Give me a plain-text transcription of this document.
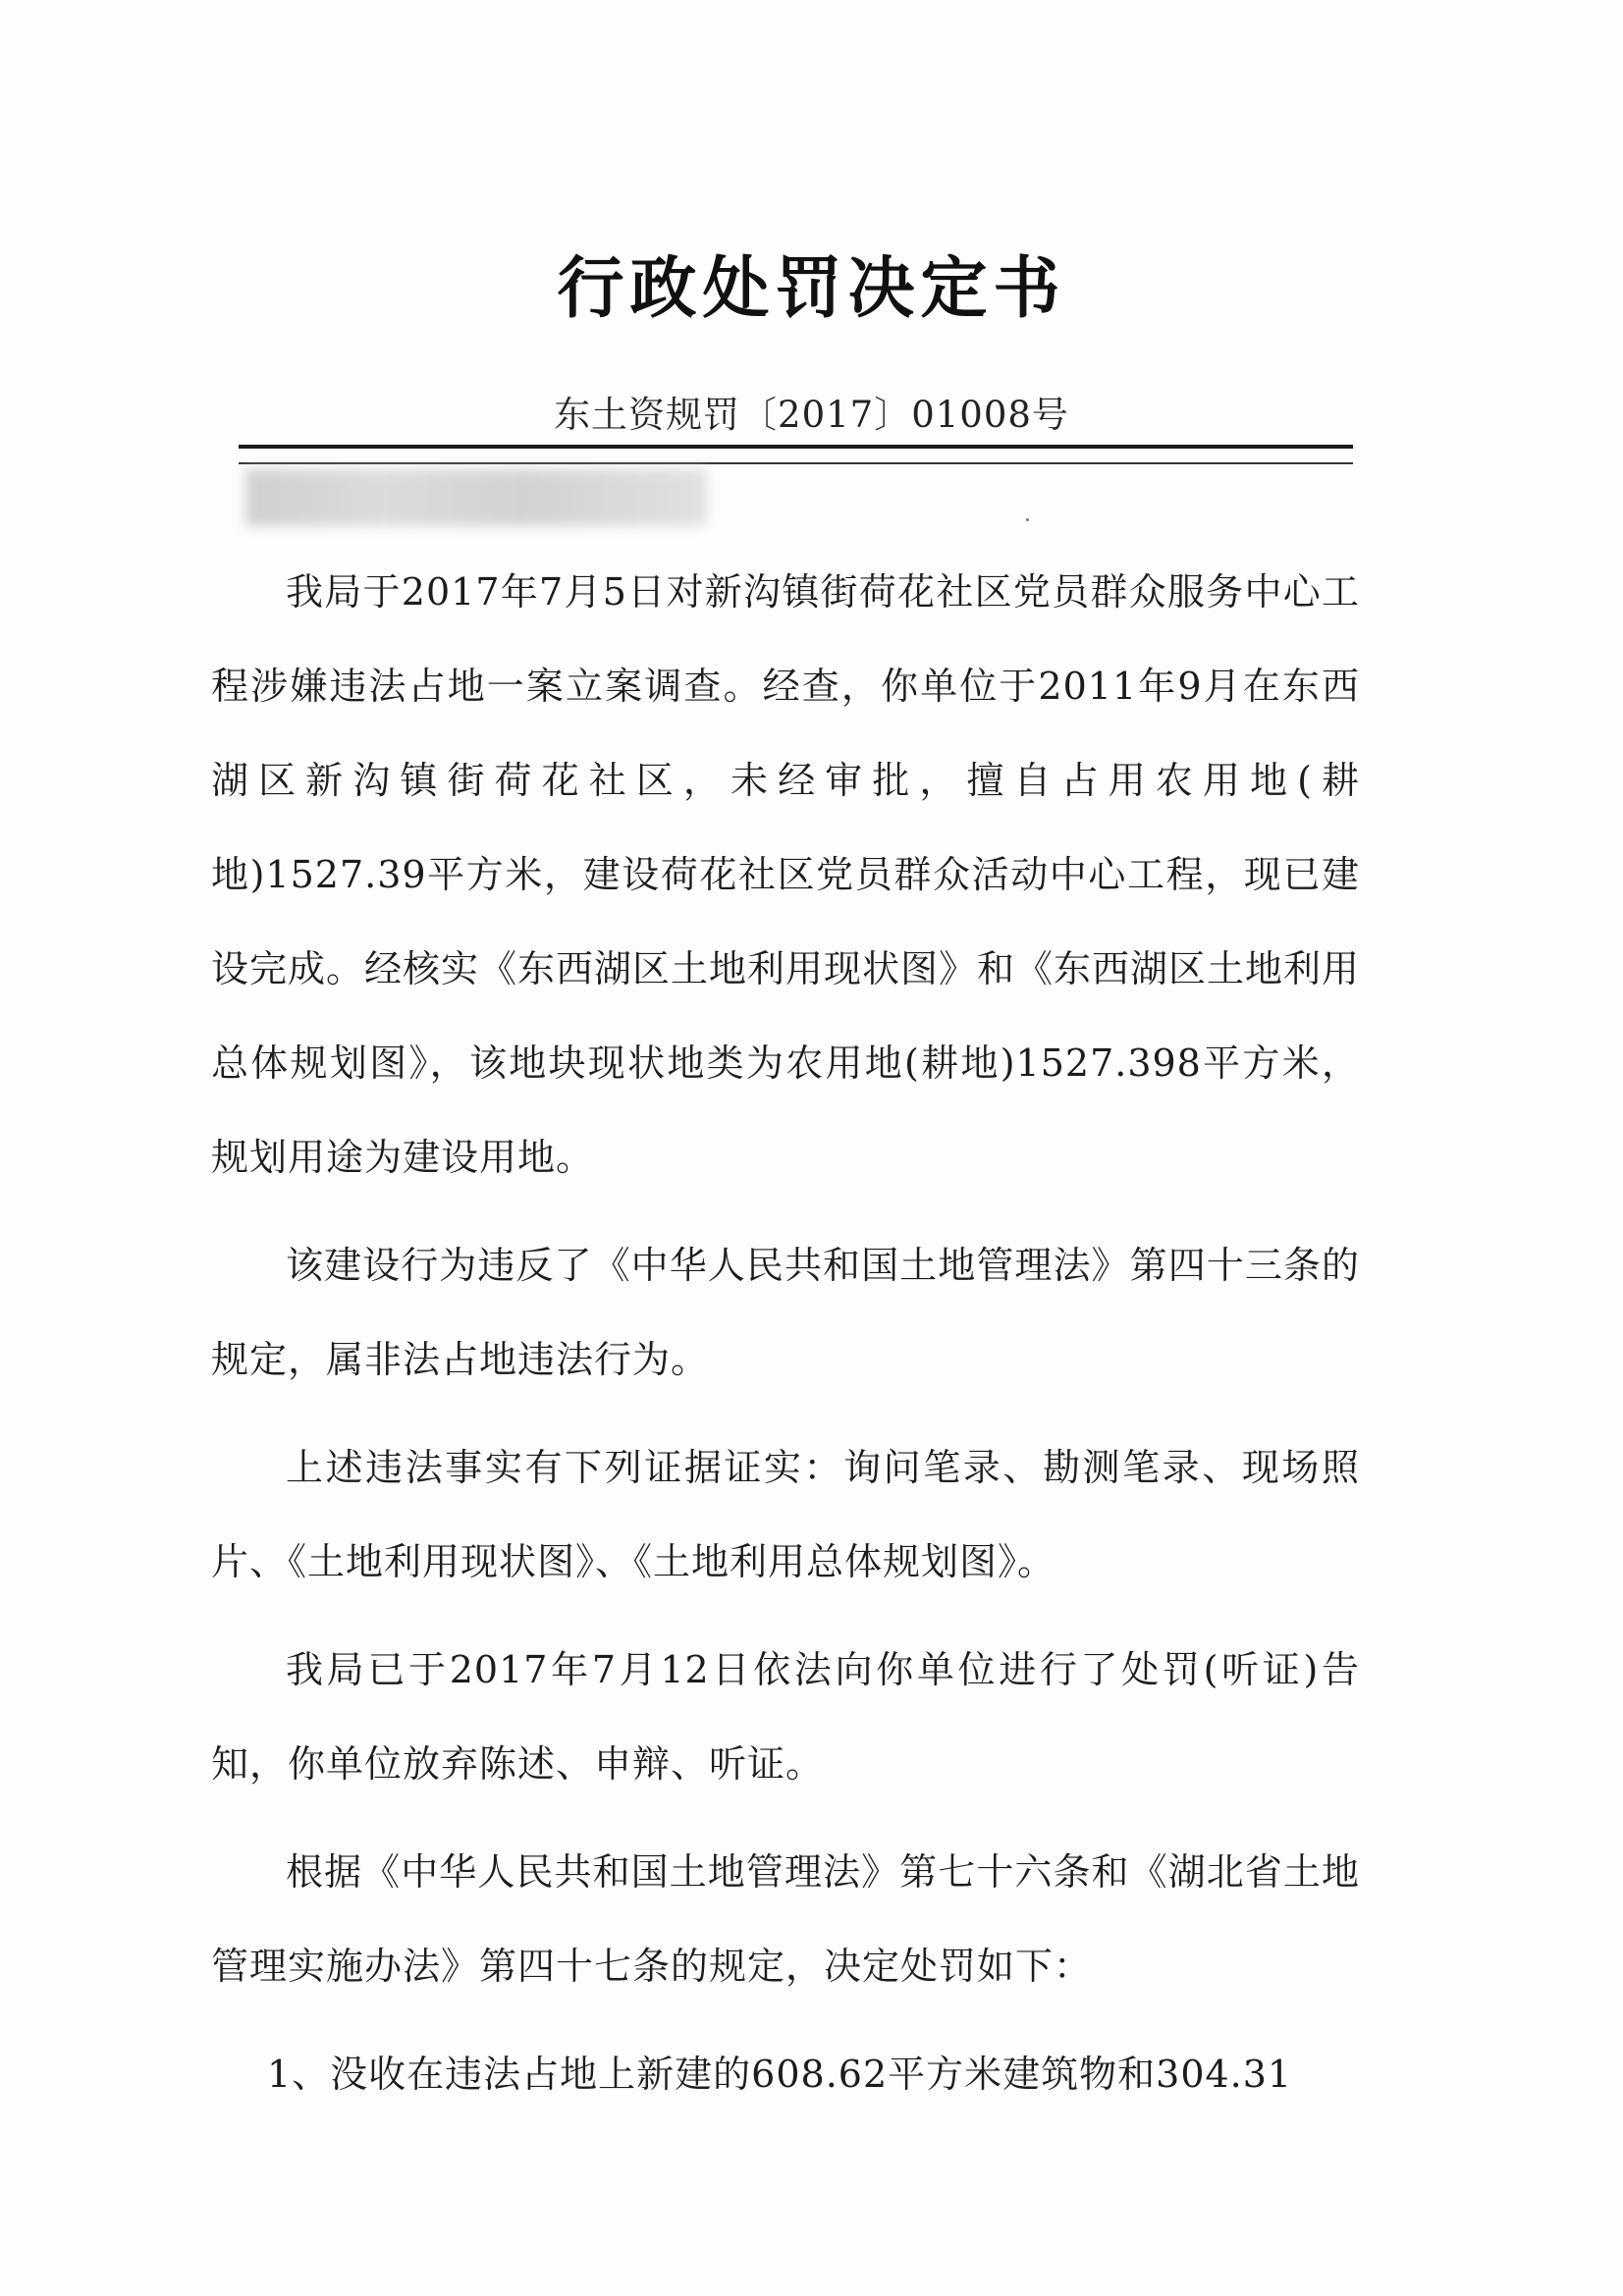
行政处罚决定书
东土资规罚〔2017〕01008号

我局于2017年7月5日对新沟镇街荷花社区党员群众服务中心工程涉嫌违法占地一案立案调查。经查，你单位于2011年9月在东西湖区新沟镇街荷花社区，未经审批，擅自占用农用地(耕地)1527.39平方米，建设荷花社区党员群众活动中心工程，现已建设完成。经核实《东西湖区土地利用现状图》和《东西湖区土地利用总体规划图》，该地块现状地类为农用地(耕地)1527.398平方米，规划用途为建设用地。

该建设行为违反了《中华人民共和国土地管理法》第四十三条的规定，属非法占地违法行为。

上述违法事实有下列证据证实：询问笔录、勘测笔录、现场照片、《土地利用现状图》、《土地利用总体规划图》。

我局已于2017年7月12日依法向你单位进行了处罚(听证)告知，你单位放弃陈述、申辩、听证。

根据《中华人民共和国土地管理法》第七十六条和《湖北省土地管理实施办法》第四十七条的规定，决定处罚如下：

1、没收在违法占地上新建的608.62平方米建筑物和304.31
